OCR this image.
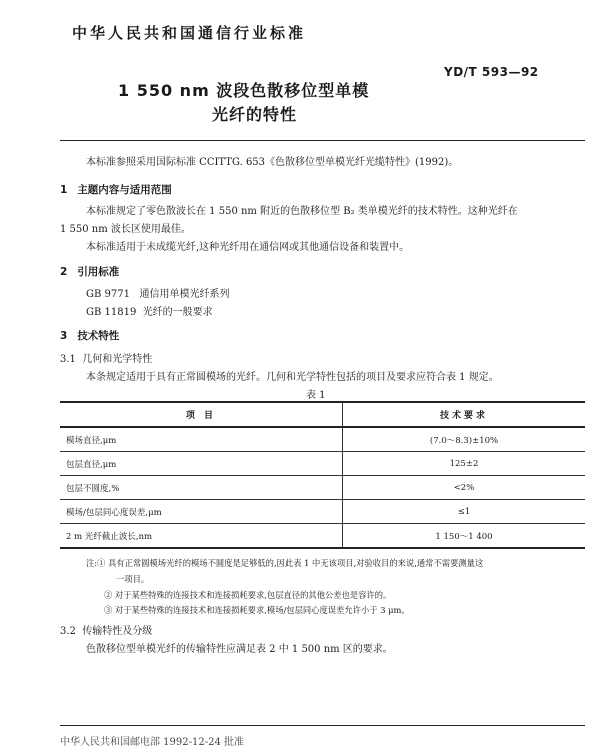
中华人民共和国通信行业标准
YD/T 593—92
1 550 nm 波段色散移位型单模
光纤的特性
本标准参照采用国际标准 CCITTG. 653《色散移位型单模光纤光缆特性》(1992)。
1 主题内容与适用范围
本标准规定了零色散波长在 1 550 nm 附近的色散移位型 B₂ 类单模光纤的技术特性。这种光纤在
1 550 nm 波长区使用最佳。
本标准适用于未成缆光纤,这种光纤用在通信网或其他通信设备和装置中。
2 引用标准
GB 9771 通信用单模光纤系列
GB 11819 光纤的一般要求
3 技术特性
3.1 几何和光学特性
本条规定适用于具有正常圆模场的光纤。几何和光学特性包括的项目及要求应符合表 1 规定。
表 1
项 目	技术要求
模场直径,μm	(7.0～8.3)±10%
包层直径,μm	125±2
包层不圆度,%	<2%
模场/包层同心度误差,μm	≤1
2 m 光纤截止波长,nm	1 150～1 400
注:① 具有正常圆模场光纤的模场不圆度是足够低的,因此表 1 中无该项目,对验收目的来说,通常不需要测量这
一项目。
② 对于某些特殊的连接技术和连接损耗要求,包层直径的其他公差也是容许的。
③ 对于某些特殊的连接技术和连接损耗要求,模场/包层同心度误差允许小于 3 μm。
3.2 传输特性及分级
色散移位型单模光纤的传输特性应满足表 2 中 1 500 nm 区的要求。
中华人民共和国邮电部 1992-12-24 批准
